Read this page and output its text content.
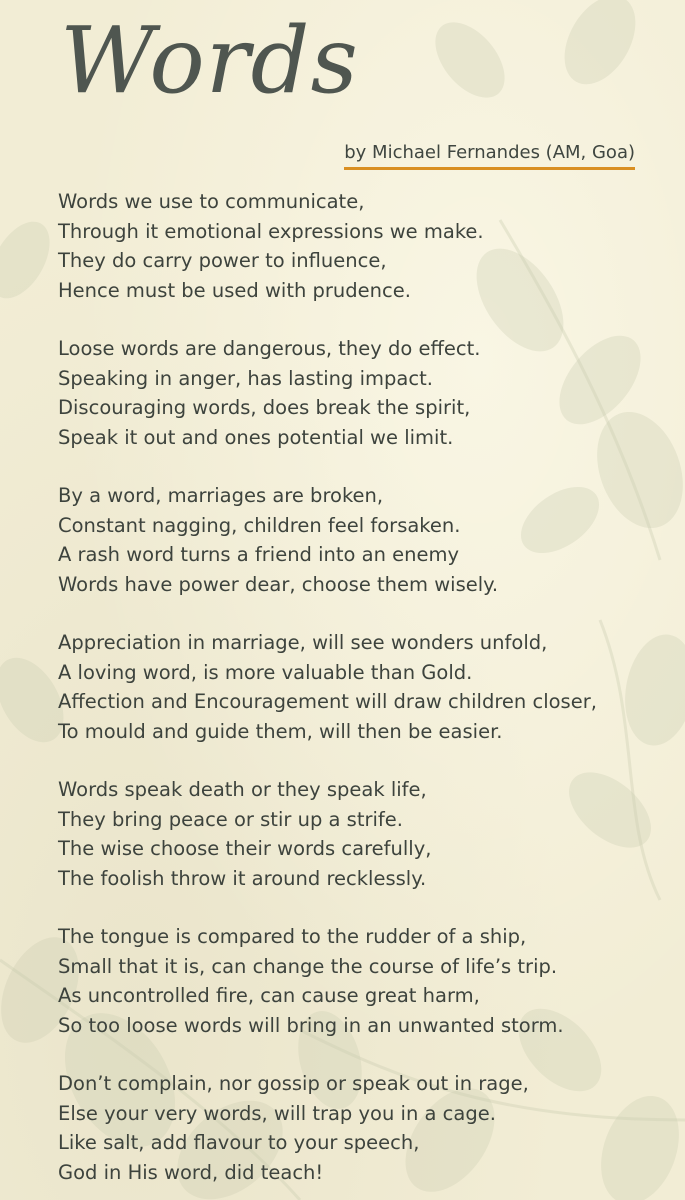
Words
by Michael Fernandes (AM, Goa)
Words we use to communicate,
Through it emotional expressions we make.
They do carry power to influence,
Hence must be used with prudence.
Loose words are dangerous, they do effect.
Speaking in anger, has lasting impact.
Discouraging words, does break the spirit,
Speak it out and ones potential we limit.
By a word, marriages are broken,
Constant nagging, children feel forsaken.
A rash word turns a friend into an enemy
Words have power dear, choose them wisely.
Appreciation in marriage, will see wonders unfold,
A loving word, is more valuable than Gold.
Affection and Encouragement will draw children closer,
To mould and guide them, will then be easier.
Words speak death or they speak life,
They bring peace or stir up a strife.
The wise choose their words carefully,
The foolish throw it around recklessly.
The tongue is compared to the rudder of a ship,
Small that it is, can change the course of life’s trip.
As uncontrolled fire, can cause great harm,
So too loose words will bring in an unwanted storm.
Don’t complain, nor gossip or speak out in rage,
Else your very words, will trap you in a cage.
Like salt, add flavour to your speech,
God in His word, did teach!
